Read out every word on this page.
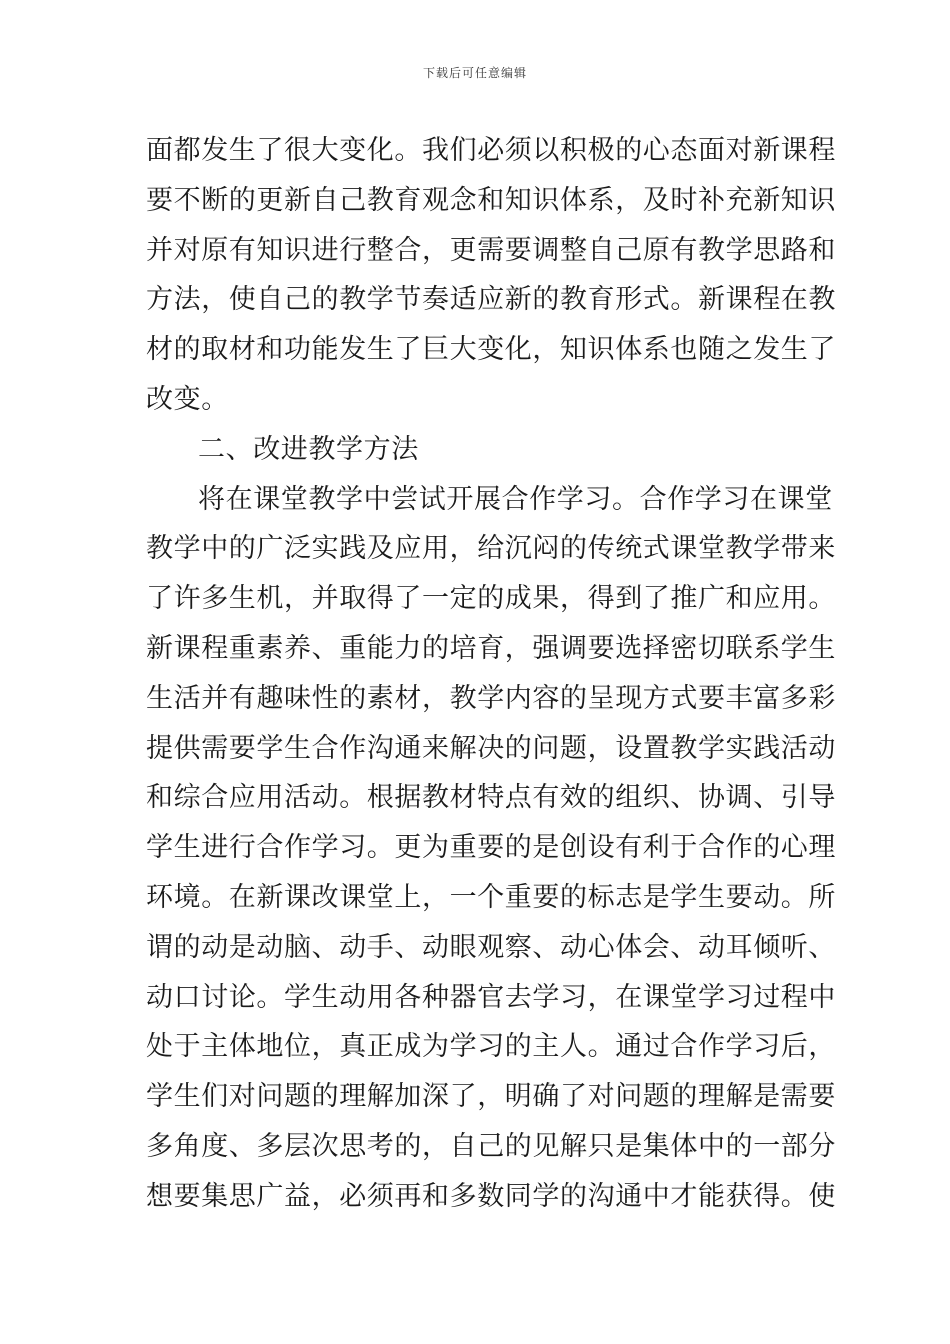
下载后可任意编辑
面都发生了很大变化。我们必须以积极的心态面对新课程
要不断的更新自己教育观念和知识体系，及时补充新知识
并对原有知识进行整合，更需要调整自己原有教学思路和
方法，使自己的教学节奏适应新的教育形式。新课程在教
材的取材和功能发生了巨大变化，知识体系也随之发生了
改变。
二、改进教学方法
将在课堂教学中尝试开展合作学习。合作学习在课堂
教学中的广泛实践及应用，给沉闷的传统式课堂教学带来
了许多生机，并取得了一定的成果，得到了推广和应用。
新课程重素养、重能力的培育，强调要选择密切联系学生
生活并有趣味性的素材，教学内容的呈现方式要丰富多彩
提供需要学生合作沟通来解决的问题，设置教学实践活动
和综合应用活动。根据教材特点有效的组织、协调、引导
学生进行合作学习。更为重要的是创设有利于合作的心理
环境。在新课改课堂上，一个重要的标志是学生要动。所
谓的动是动脑、动手、动眼观察、动心体会、动耳倾听、
动口讨论。学生动用各种器官去学习，在课堂学习过程中
处于主体地位，真正成为学习的主人。通过合作学习后，
学生们对问题的理解加深了，明确了对问题的理解是需要
多角度、多层次思考的，自己的见解只是集体中的一部分
想要集思广益，必须再和多数同学的沟通中才能获得。使
